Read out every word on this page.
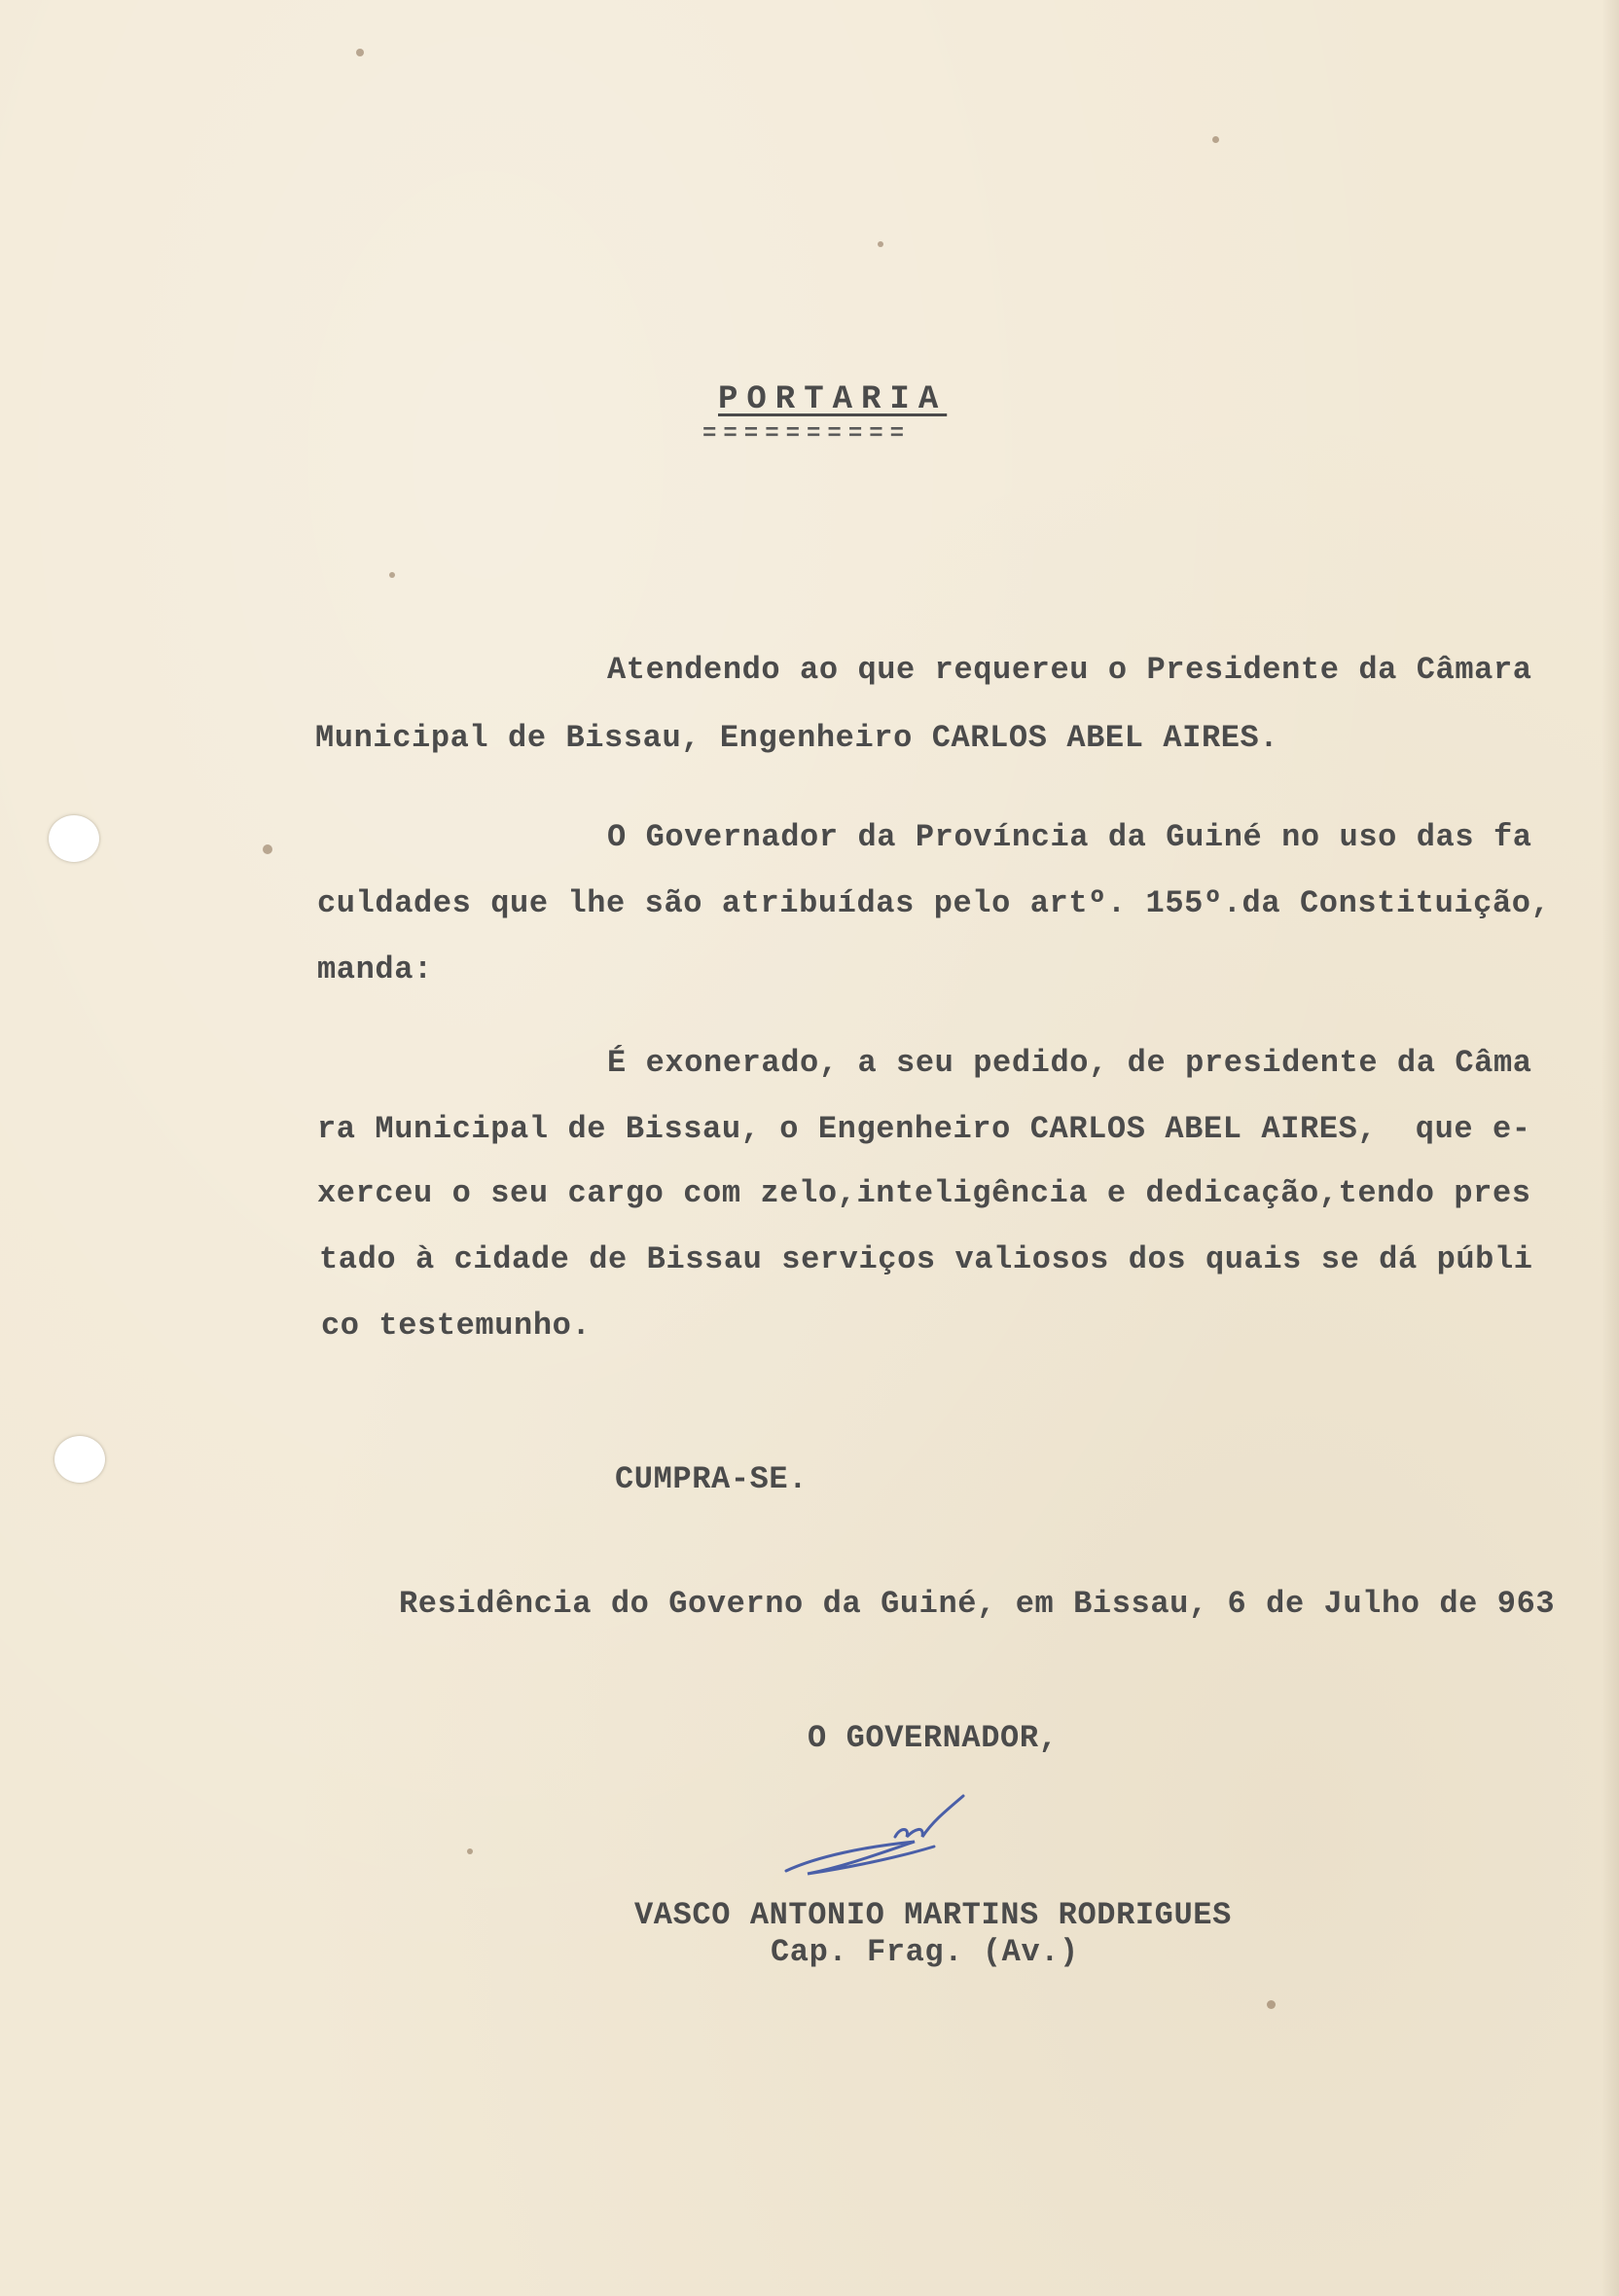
PORTARIA
==========
Atendendo ao que requereu o Presidente da Câmara
Municipal de Bissau, Engenheiro CARLOS ABEL AIRES.
O Governador da Província da Guiné no uso das fa
culdades que lhe são atribuídas pelo artº. 155º.da Constituição,
manda:
É exonerado, a seu pedido, de presidente da Câma
ra Municipal de Bissau, o Engenheiro CARLOS ABEL AIRES,  que e-
xerceu o seu cargo com zelo,inteligência e dedicação,tendo pres
tado à cidade de Bissau serviços valiosos dos quais se dá públi
co testemunho.
CUMPRA-SE.
Residência do Governo da Guiné, em Bissau, 6 de Julho de 963
O GOVERNADOR,
VASCO ANTONIO MARTINS RODRIGUES
Cap. Frag. (Av.)
